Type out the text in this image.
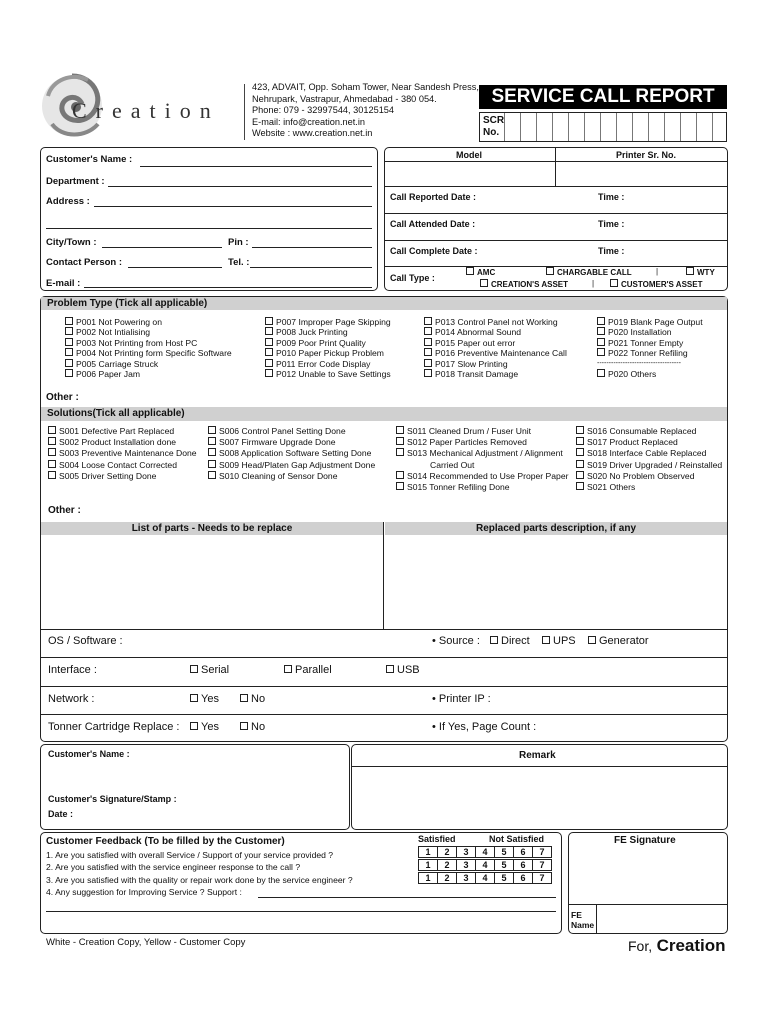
Creation
423, ADVAIT, Opp. Soham Tower, Near Sandesh Press,
Nehrupark, Vastrapur, Ahmedabad - 380 054.
Phone: 079 - 32997544, 30125154
E-mail: info@creation.net.in
Website : www.creation.net.in
SERVICE CALL REPORT
SCR
No.
Customer's Name :
Department :
Address :
City/Town :	Pin :
Contact Person :	Tel. :
E-mail :
Model	Printer Sr. No.
Call Reported Date :	Time :
Call Attended Date :	Time :
Call Complete Date :	Time :
Call Type :
AMC	CHARGABLE CALL	|	WTY
CREATION'S ASSET	|	CUSTOMER'S ASSET
Problem Type (Tick all applicable)
P001 Not Powering on
P002 Not Intialising
P003 Not Printing from Host PC
P004 Not Printing form Specific Software
P005 Carriage Struck
P006 Paper Jam
P007 Improper Page Skipping
P008 Juck Printing
P009 Poor Print Quality
P010 Paper Pickup Problem
P011 Error Code Display
P012 Unable to Save Settings
P013 Control Panel not Working
P014 Abnormal Sound
P015 Paper out error
P016 Preventive Maintenance Call
P017 Slow Printing
P018 Transit Damage
P019 Blank Page Output
P020 Installation
P021 Tonner Empty
P022 Tonner Refiling
------------------------------------
P020 Others
Other :
Solutions(Tick all applicable)
S001 Defective Part Replaced
S002 Product Installation done
S003 Preventive Maintenance Done
S004 Loose Contact Corrected
S005 Driver Setting Done
S006 Control Panel Setting Done
S007 Firmware Upgrade Done
S008 Application Software Setting Done
S009 Head/Platen Gap Adjustment Done
S010 Cleaning of Sensor Done
S011 Cleaned Drum / Fuser Unit
S012 Paper Particles Removed
S013 Mechanical Adjustment / Alignment
Carried Out
S014 Recommended to Use Proper Paper
S015 Tonner Refiling Done
S016 Consumable Replaced
S017 Product Replaced
S018 Interface Cable Replaced
S019 Driver Upgraded / Reinstalled
S020 No Problem Observed
S021 Others
Other :
List of parts - Needs to be replace	Replaced parts description, if any
OS / Software :	• Source :	Direct	UPS	Generator
Interface :	Serial	Parallel	USB
Network :	Yes	No	• Printer IP :
Tonner Cartridge Replace :	Yes	No	• If Yes, Page Count :
Customer's Name :
Customer's Signature/Stamp :
Date :
Remark
Customer Feedback (To be filled by the Customer)	Satisfied	Not Satisfied
1. Are you satisfied with overall Service / Support of your service provided ?
2. Are you satisfied with the service engineer response to the call ?
3. Are you satisfied with the quality or repair work done by the service engineer ?
4. Any suggestion for Improving Service ? Support :
1	2	3	4	5	6	7
1	2	3	4	5	6	7
1	2	3	4	5	6	7
FE Signature
FE
Name
White - Creation Copy, Yellow - Customer Copy	For, Creation
